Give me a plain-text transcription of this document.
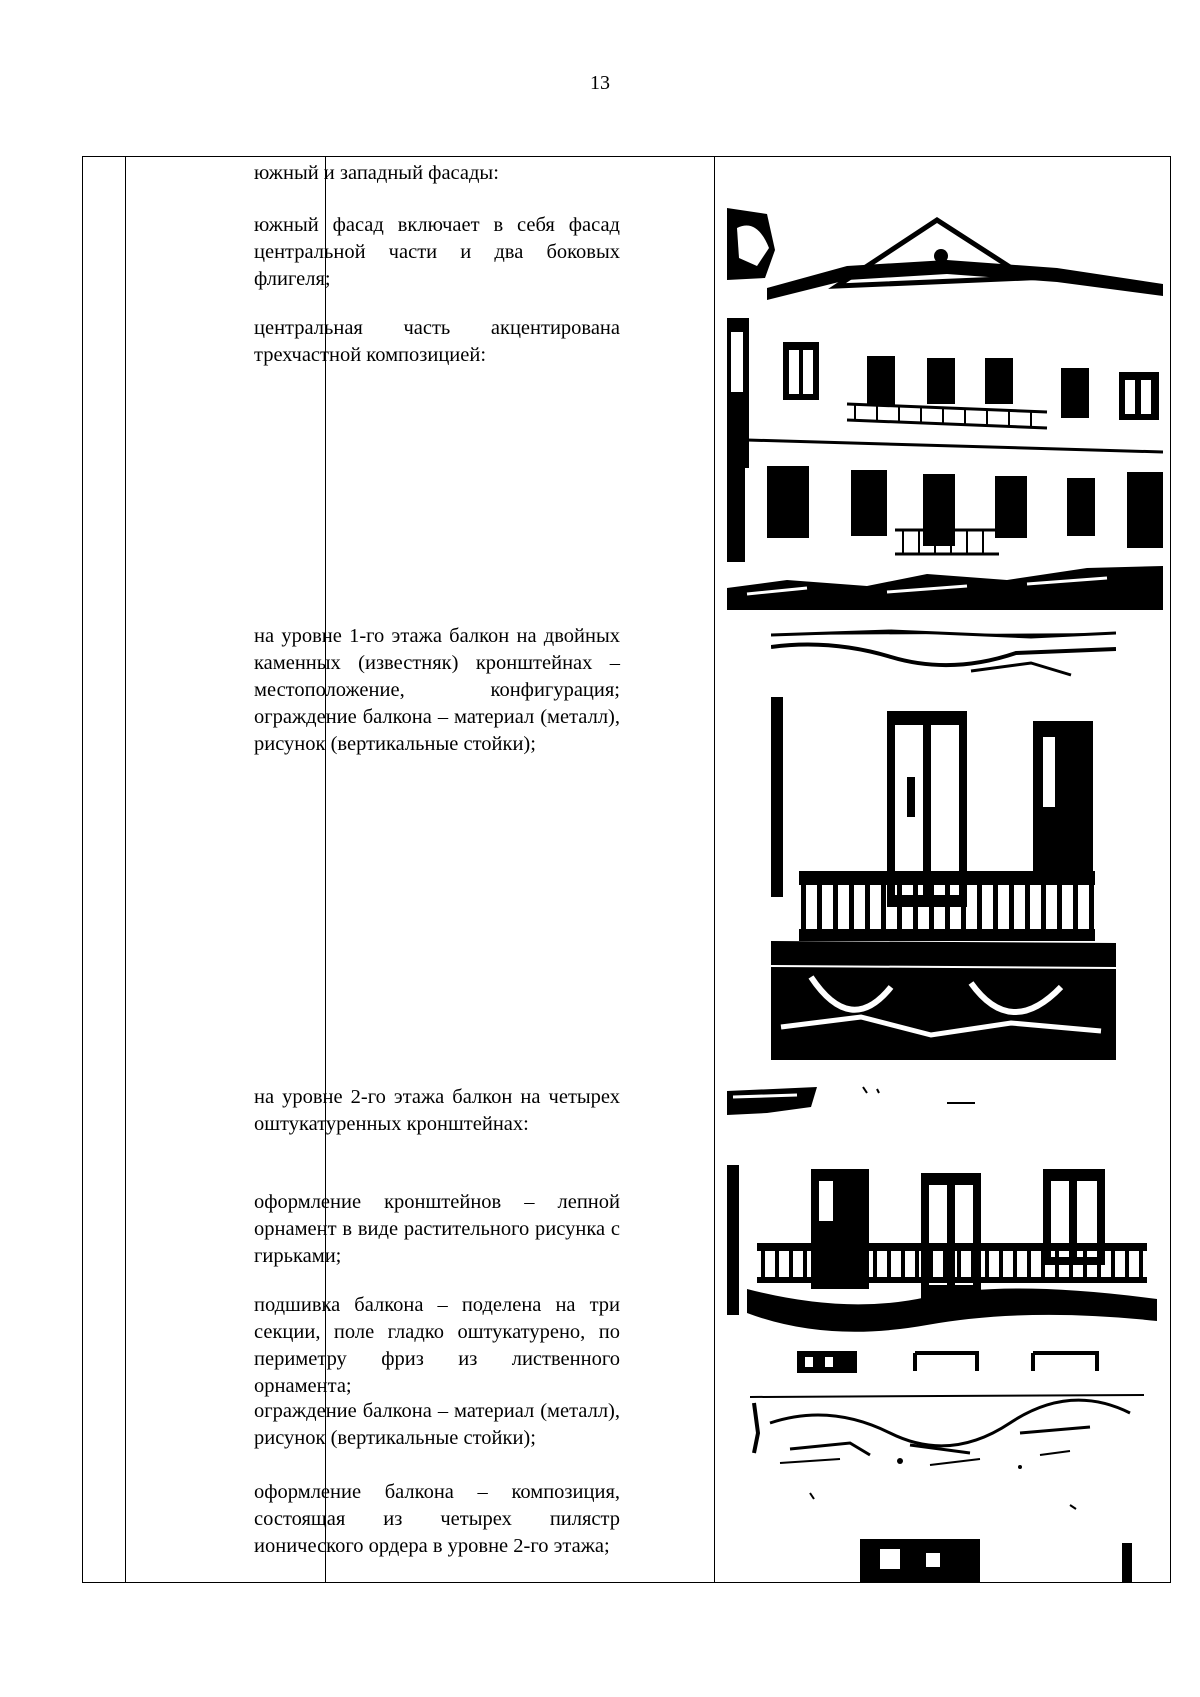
13
южный и западный фасады:
южный фасад включает в себя фасад центральной части и два боковых флигеля;
центральная часть акцентирована трехчастной композицией:
на уровне 1-го этажа балкон на двойных каменных (известняк) кронштейнах – местоположение, конфигурация; ограждение балкона – материал (металл), рисунок (вертикальные стойки);
на уровне 2-го этажа балкон на четырех оштукатуренных кронштейнах:
оформление кронштейнов – лепной орнамент в виде растительного рисунка с гирьками;
подшивка балкона – поделена на три секции, поле гладко оштукатурено, по периметру фриз из лиственного орнамента;
ограждение балкона – материал (металл), рисунок (вертикальные стойки);
оформление балкона – композиция, состоящая из четырех пилястр ионического ордера в уровне 2-го этажа;
